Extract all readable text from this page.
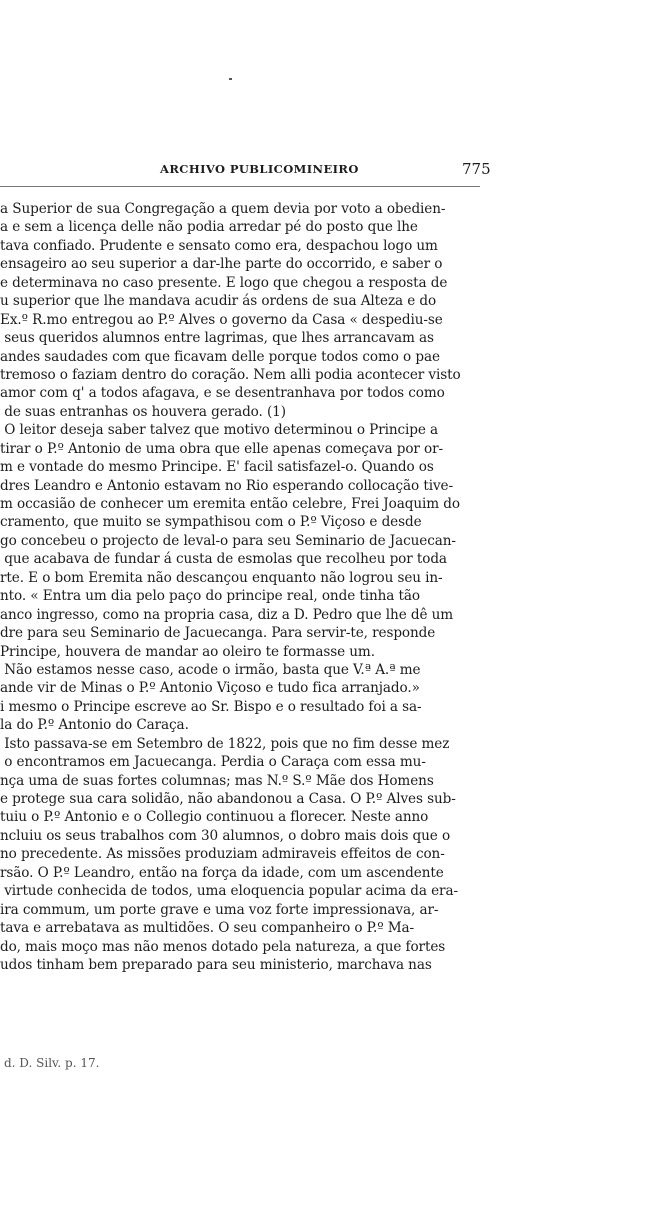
ARCHIVO PUBLICOMINEIRO	775
a Superior de sua Congregação a quem devia por voto a obedien-
a e sem a licença delle não podia arredar pé do posto que lhe
tava confiado. Prudente e sensato como era, despachou logo um
ensageiro ao seu superior a dar-lhe parte do occorrido, e saber o
e determinava no caso presente. E logo que chegou a resposta de
u superior que lhe mandava acudir ás ordens de sua Alteza e do
Ex.º R.mo entregou ao P.º Alves o governo da Casa « despediu-se
seus queridos alumnos entre lagrimas, que lhes arrancavam as
andes saudades com que ficavam delle porque todos como o pae
tremoso o faziam dentro do coração. Nem alli podia acontecer visto
amor com q' a todos afagava, e se desentranhava por todos como
de suas entranhas os houvera gerado. (1)
O leitor deseja saber talvez que motivo determinou o Principe a
tirar o P.º Antonio de uma obra que elle apenas começava por or-
m e vontade do mesmo Principe. E' facil satisfazel-o. Quando os
dres Leandro e Antonio estavam no Rio esperando collocação tive-
m occasião de conhecer um eremita então celebre, Frei Joaquim do
cramento, que muito se sympathisou com o P.º Viçoso e desde
go concebeu o projecto de leval-o para seu Seminario de Jacuecan-
que acabava de fundar á custa de esmolas que recolheu por toda
rte. E o bom Eremita não descançou enquanto não logrou seu in-
nto. « Entra um dia pelo paço do principe real, onde tinha tão
anco ingresso, como na propria casa, diz a D. Pedro que lhe dê um
dre para seu Seminario de Jacuecanga. Para servir-te, responde
Principe, houvera de mandar ao oleiro te formasse um.
Não estamos nesse caso, acode o irmão, basta que V.ª A.ª me
ande vir de Minas o P.º Antonio Viçoso e tudo fica arranjado.»
i mesmo o Principe escreve ao Sr. Bispo e o resultado foi a sa-
la do P.º Antonio do Caraça.
Isto passava-se em Setembro de 1822, pois que no fim desse mez
o encontramos em Jacuecanga. Perdia o Caraça com essa mu-
nça uma de suas fortes columnas; mas N.º S.º Mãe dos Homens
e protege sua cara solidão, não abandonou a Casa. O P.º Alves sub-
tuiu o P.º Antonio e o Collegio continuou a florecer. Neste anno
ncluiu os seus trabalhos com 30 alumnos, o dobro mais dois que o
no precedente. As missões produziam admiraveis effeitos de con-
rsão. O P.º Leandro, então na força da idade, com um ascendente
virtude conhecida de todos, uma eloquencia popular acima da era-
ira commum, um porte grave e uma voz forte impressionava, ar-
tava e arrebatava as multidões. O seu companheiro o P.º Ma-
do, mais moço mas não menos dotado pela natureza, a que fortes
udos tinham bem preparado para seu ministerio, marchava nas
d. D. Silv. p. 17.
